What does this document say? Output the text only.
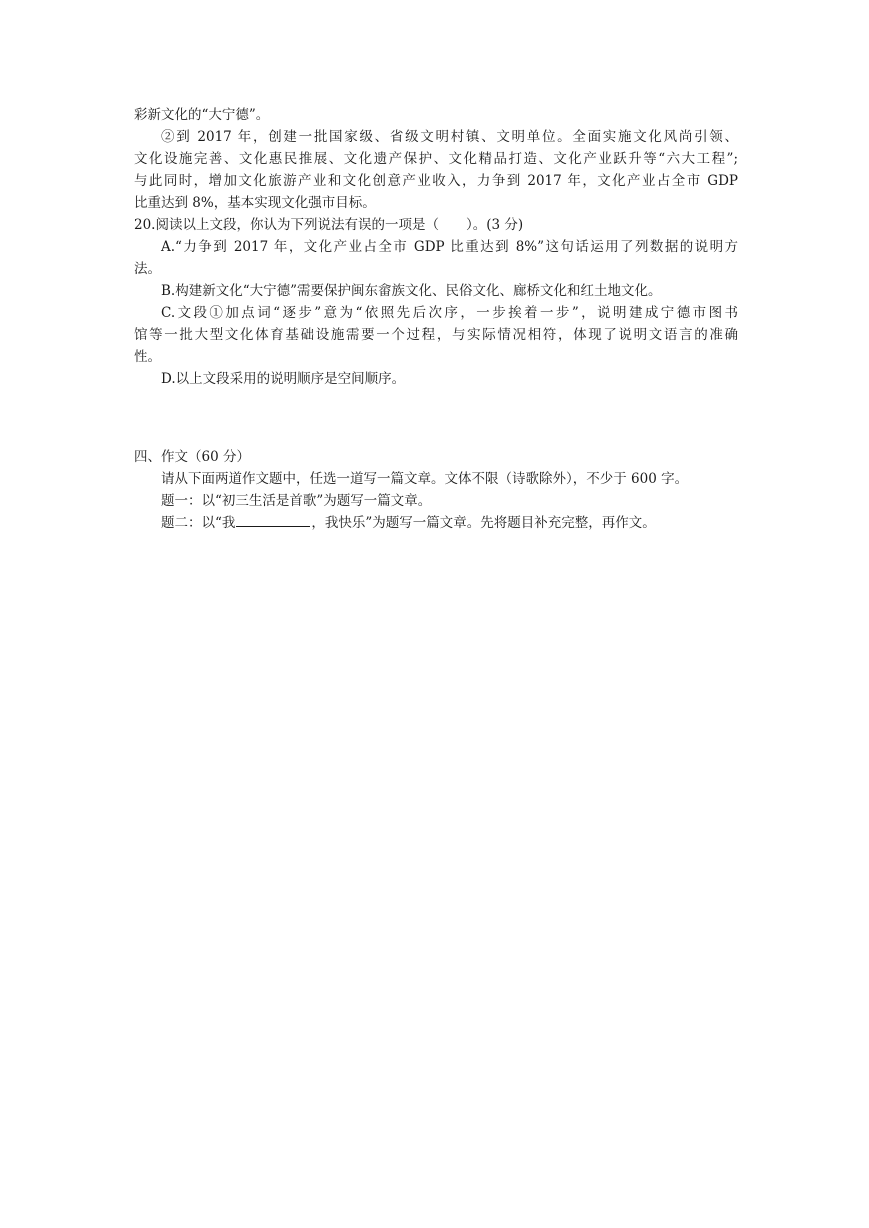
彩新文化的“大宁德”。
②到 2017 年，创建一批国家级、省级文明村镇、文明单位。全面实施文化风尚引领、
文化设施完善、文化惠民推展、文化遗产保护、文化精品打造、文化产业跃升等“六大工程”;
与此同时，增加文化旅游产业和文化创意产业收入，力争到 2017 年，文化产业占全市 GDP
比重达到 8%，基本实现文化强市目标。
20.阅读以上文段，你认为下列说法有误的一项是（　　）。(3 分)
A.“力争到 2017 年，文化产业占全市 GDP 比重达到 8%”这句话运用了列数据的说明方
法。
B.构建新文化“大宁德”需要保护闽东畲族文化、民俗文化、廊桥文化和红土地文化。
C.文段①加点词“逐步”意为“依照先后次序，一步挨着一步”，说明建成宁德市图书
馆等一批大型文化体育基础设施需要一个过程，与实际情况相符，体现了说明文语言的准确
性。
D.以上文段采用的说明顺序是空间顺序。
四、作文（60 分）
请从下面两道作文题中，任选一道写一篇文章。文体不限（诗歌除外），不少于 600 字。
题一：以“初三生活是首歌”为题写一篇文章。
题二：以“我	，我快乐”为题写一篇文章。先将题目补充完整，再作文。
